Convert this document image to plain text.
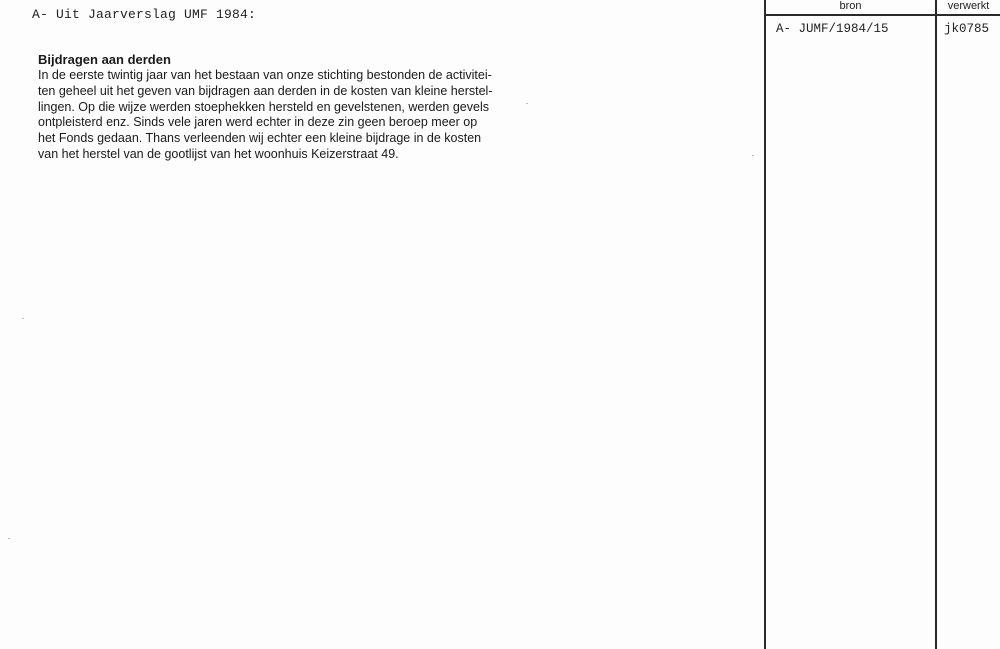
A- Uit Jaarverslag UMF 1984:
Bijdragen aan derden
In de eerste twintig jaar van het bestaan van onze stichting bestonden de activitei-
ten geheel uit het geven van bijdragen aan derden in de kosten van kleine herstel-
lingen. Op die wijze werden stoephekken hersteld en gevelstenen, werden gevels
ontpleisterd enz. Sinds vele jaren werd echter in deze zin geen beroep meer op
het Fonds gedaan. Thans verleenden wij echter een kleine bijdrage in de kosten
van het herstel van de gootlijst van het woonhuis Keizerstraat 49.
bron	verwerkt
A- JUMF/1984/15	jk0785
